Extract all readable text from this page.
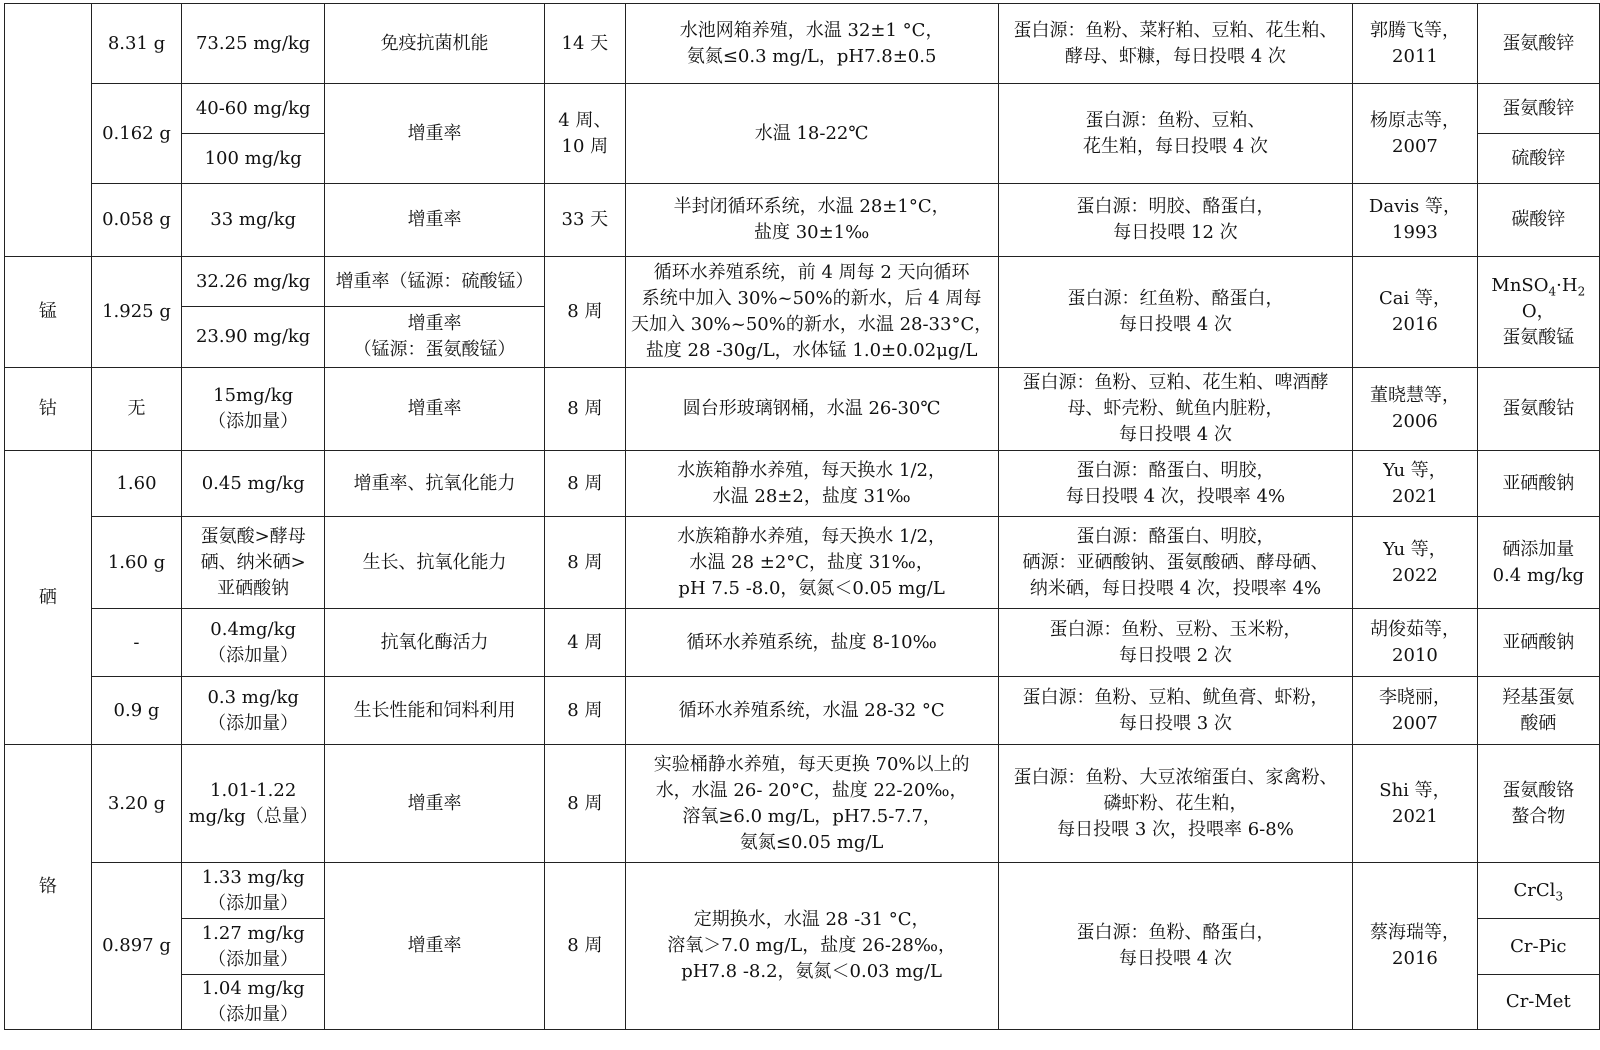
	8.31 g	73.25 mg/kg	免疫抗菌机能	14 天	水池网箱养殖，水温 32±1 °C，
氨氮≤0.3 mg/L，pH7.8±0.5	蛋白源：鱼粉、菜籽粕、豆粕、花生粕、
酵母、虾糠，每日投喂 4 次	郭腾飞等，
2011	蛋氨酸锌
	0.162 g	40-60 mg/kg	增重率	4 周、
10 周	水温 18-22℃	蛋白源：鱼粉、豆粕、
花生粕，每日投喂 4 次	杨原志等，
2007	蛋氨酸锌
		100 mg/kg						硫酸锌
	0.058 g	33 mg/kg	增重率	33 天	半封闭循环系统，水温 28±1°C，
盐度 30±1‰	蛋白源：明胶、酪蛋白，
每日投喂 12 次	Davis 等，
1993	碳酸锌

锰	1.925 g	32.26 mg/kg	增重率（锰源：硫酸锰）	8 周	循环水养殖系统，前 4 周每 2 天向循环
系统中加入 30%~50%的新水，后 4 周每
天加入 30%~50%的新水，水温 28-33°C，
盐度 28 -30g/L，水体锰 1.0±0.02μg/L	蛋白源：红鱼粉、酪蛋白，
每日投喂 4 次	Cai 等，
2016	$MnSO_4\cdot H_2$
O，
蛋氨酸锰

		23.90 mg/kg	增重率
（锰源：蛋氨酸锰）					

钴	无	15mg/kg
（添加量）	增重率	8 周	圆台形玻璃钢桶，水温 26-30℃	蛋白源：鱼粉、豆粕、花生粕、啤酒酵
母、虾壳粉、鱿鱼内脏粉，
每日投喂 4 次	董晓慧等，
2006	蛋氨酸钴
硒	1.60	0.45 mg/kg	增重率、抗氧化能力	8 周	水族箱静水养殖，每天换水 1/2，
水温 28±2，盐度 31‰	蛋白源：酪蛋白、明胶，
每日投喂 4 次，投喂率 4%	Yu 等，
2021	亚硒酸钠
	1.60 g	蛋氨酸>酵母
硒、纳米硒>
亚硒酸钠	生长、抗氧化能力	8 周	水族箱静水养殖，每天换水 1/2，
水温 28 ±2°C，盐度 31‰，
pH 7.5 -8.0，氨氮＜0.05 mg/L	蛋白源：酪蛋白、明胶，
硒源：亚硒酸钠、蛋氨酸硒、酵母硒、
纳米硒，每日投喂 4 次，投喂率 4%	Yu 等，
2022	硒添加量
0.4 mg/kg

	-	0.4mg/kg
（添加量）	抗氧化酶活力	4 周	循环水养殖系统，盐度 8-10‰	蛋白源：鱼粉、豆粉、玉米粉，
每日投喂 2 次	胡俊茹等，
2010	亚硒酸钠
	0.9 g	0.3 mg/kg
（添加量）	生长性能和饲料利用	8 周	循环水养殖系统，水温 28-32 °C	蛋白源：鱼粉、豆粕、鱿鱼膏、虾粉，
每日投喂 3 次	李晓丽，
2007	羟基蛋氨
酸硒

铬	3.20 g	1.01-1.22
mg/kg（总量）	增重率	8 周	实验桶静水养殖，每天更换 70%以上的
水，水温 26- 20°C，盐度 22-20‰，
溶氧≥6.0 mg/L，pH7.5-7.7，
氨氮≤0.05 mg/L	蛋白源：鱼粉、大豆浓缩蛋白、家禽粉、
磷虾粉、花生粕，
每日投喂 3 次，投喂率 6-8%	Shi 等，
2021	蛋氨酸铬
螯合物

	0.897 g	1.33 mg/kg
（添加量）	增重率	8 周	定期换水，水温 28 -31 °C，
溶氧＞7.0 mg/L，盐度 26-28‰，
pH7.8 -8.2，氨氮＜0.03 mg/L	蛋白源：鱼粉、酪蛋白，
每日投喂 4 次	蔡海瑞等，
2016	CrCl$_3$

		1.27 mg/kg
（添加量）						Cr-Pic

		1.04 mg/kg
（添加量）						Cr-Met
